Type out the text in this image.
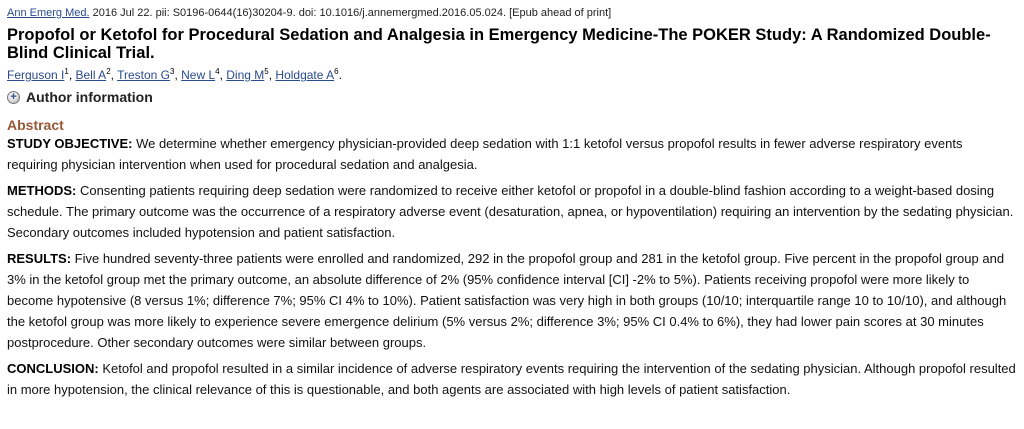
Ann Emerg Med. 2016 Jul 22. pii: S0196-0644(16)30204-9. doi: 10.1016/j.annemergmed.2016.05.024. [Epub ahead of print]
Propofol or Ketofol for Procedural Sedation and Analgesia in Emergency Medicine-The POKER Study: A Randomized Double-Blind Clinical Trial.
Ferguson $I^1$, Bell $A^2$, Treston $G^3$, New $L^4$, Ding $M^5$, Holdgate $A^6$.
+ Author information
Abstract

STUDY OBJECTIVE: We determine whether emergency physician-provided deep sedation with 1:1 ketofol versus propofol results in fewer adverse respiratory events requiring physician intervention when used for procedural sedation and analgesia.

METHODS: Consenting patients requiring deep sedation were randomized to receive either ketofol or propofol in a double-blind fashion according to a weight-based dosing schedule. The primary outcome was the occurrence of a respiratory adverse event (desaturation, apnea, or hypoventilation) requiring an intervention by the sedating physician. Secondary outcomes included hypotension and patient satisfaction.

RESULTS: Five hundred seventy-three patients were enrolled and randomized, 292 in the propofol group and 281 in the ketofol group. Five percent in the propofol group and 3% in the ketofol group met the primary outcome, an absolute difference of 2% (95% confidence interval [CI] -2% to 5%). Patients receiving propofol were more likely to become hypotensive (8 versus 1%; difference 7%; 95% CI 4% to 10%). Patient satisfaction was very high in both groups (10/10; interquartile range 10 to 10/10), and although the ketofol group was more likely to experience severe emergence delirium (5% versus 2%; difference 3%; 95% CI 0.4% to 6%), they had lower pain scores at 30 minutes postprocedure. Other secondary outcomes were similar between groups.

CONCLUSION: Ketofol and propofol resulted in a similar incidence of adverse respiratory events requiring the intervention of the sedating physician. Although propofol resulted in more hypotension, the clinical relevance of this is questionable, and both agents are associated with high levels of patient satisfaction.
